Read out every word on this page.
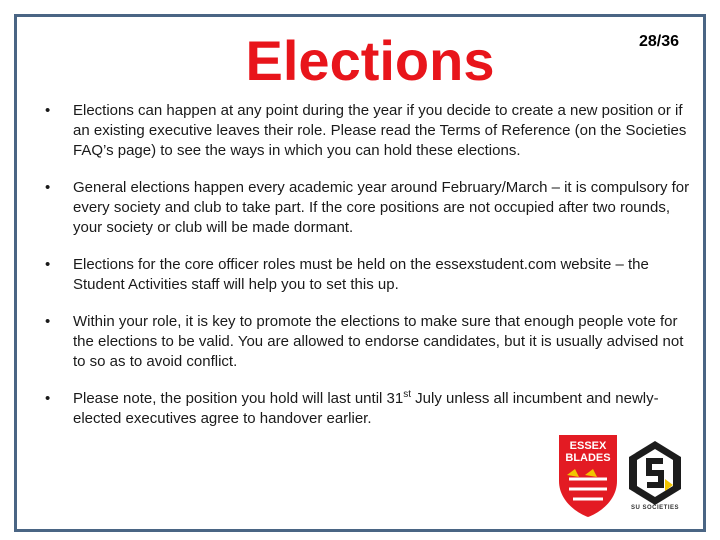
Elections	28/36
• Elections can happen at any point during the year if you decide to create a new position or if an existing executive leaves their role. Please read the Terms of Reference (on the Societies FAQ’s page) to see the ways in which you can hold these elections.
• General elections happen every academic year around February/March – it is compulsory for every society and club to take part. If the core positions are not occupied after two rounds, your society or club will be made dormant.
• Elections for the core officer roles must be held on the essexstudent.com website – the Student Activities staff will help you to set this up.
• Within your role, it is key to promote the elections to make sure that enough people vote for the elections to be valid. You are allowed to endorse candidates, but it is usually advised not to so as to avoid conflict.
• Please note, the position you hold will last until 31st July unless all incumbent and newly-elected executives agree to handover earlier.
ESSEX
BLADES
SU SOCIETIES
